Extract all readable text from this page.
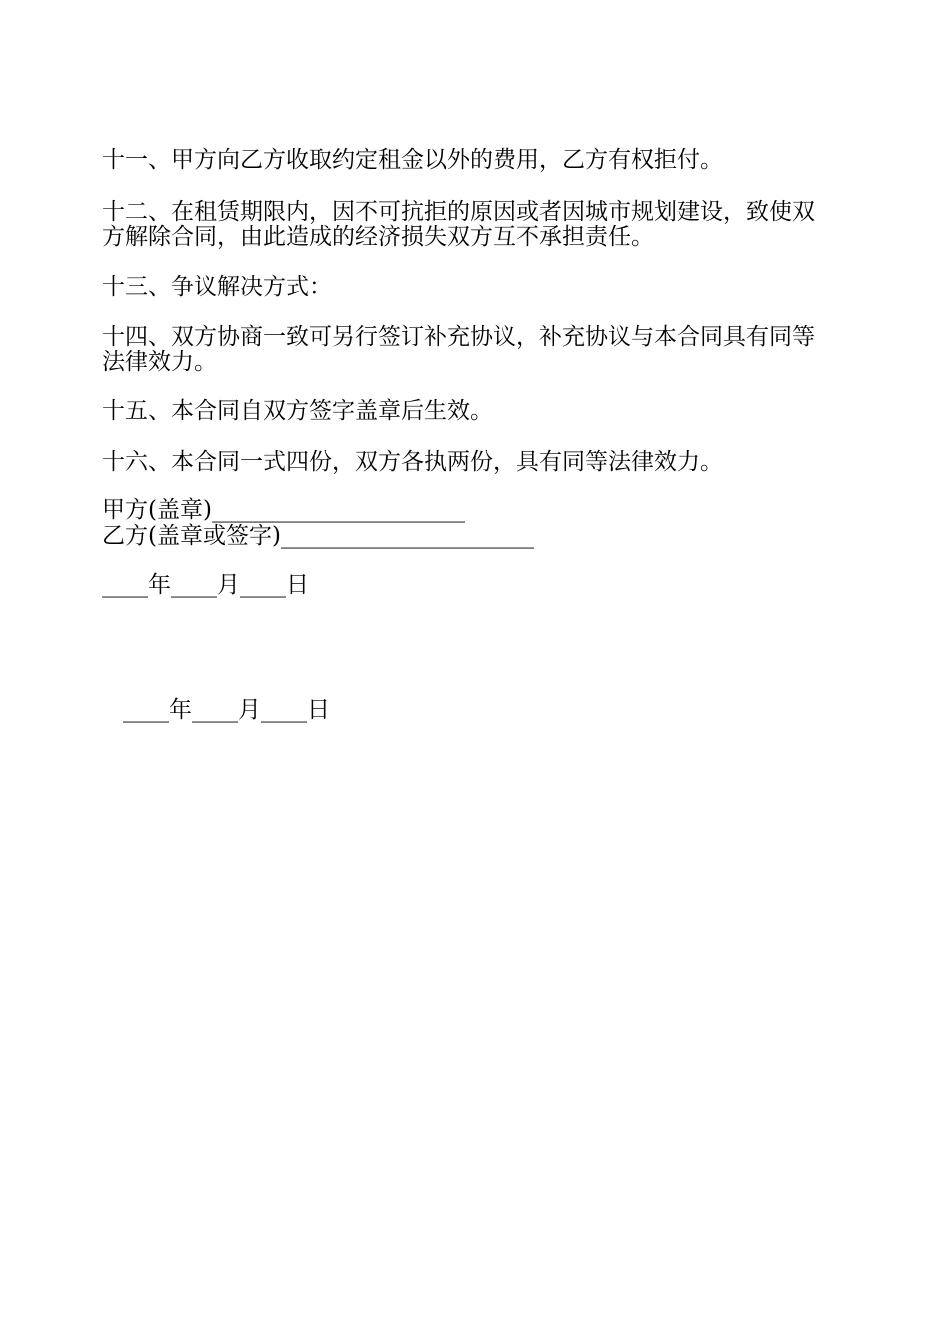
十一、甲方向乙方收取约定租金以外的费用，乙方有权拒付。
十二、在租赁期限内，因不可抗拒的原因或者因城市规划建设，致使双
方解除合同，由此造成的经济损失双方互不承担责任。
十三、争议解决方式：
十四、双方协商一致可另行签订补充协议，补充协议与本合同具有同等
法律效力。
十五、本合同自双方签字盖章后生效。
十六、本合同一式四份，双方各执两份，具有同等法律效力。
甲方(盖章)______________________
乙方(盖章或签字)______________________
____年____月____日
____年____月____日
